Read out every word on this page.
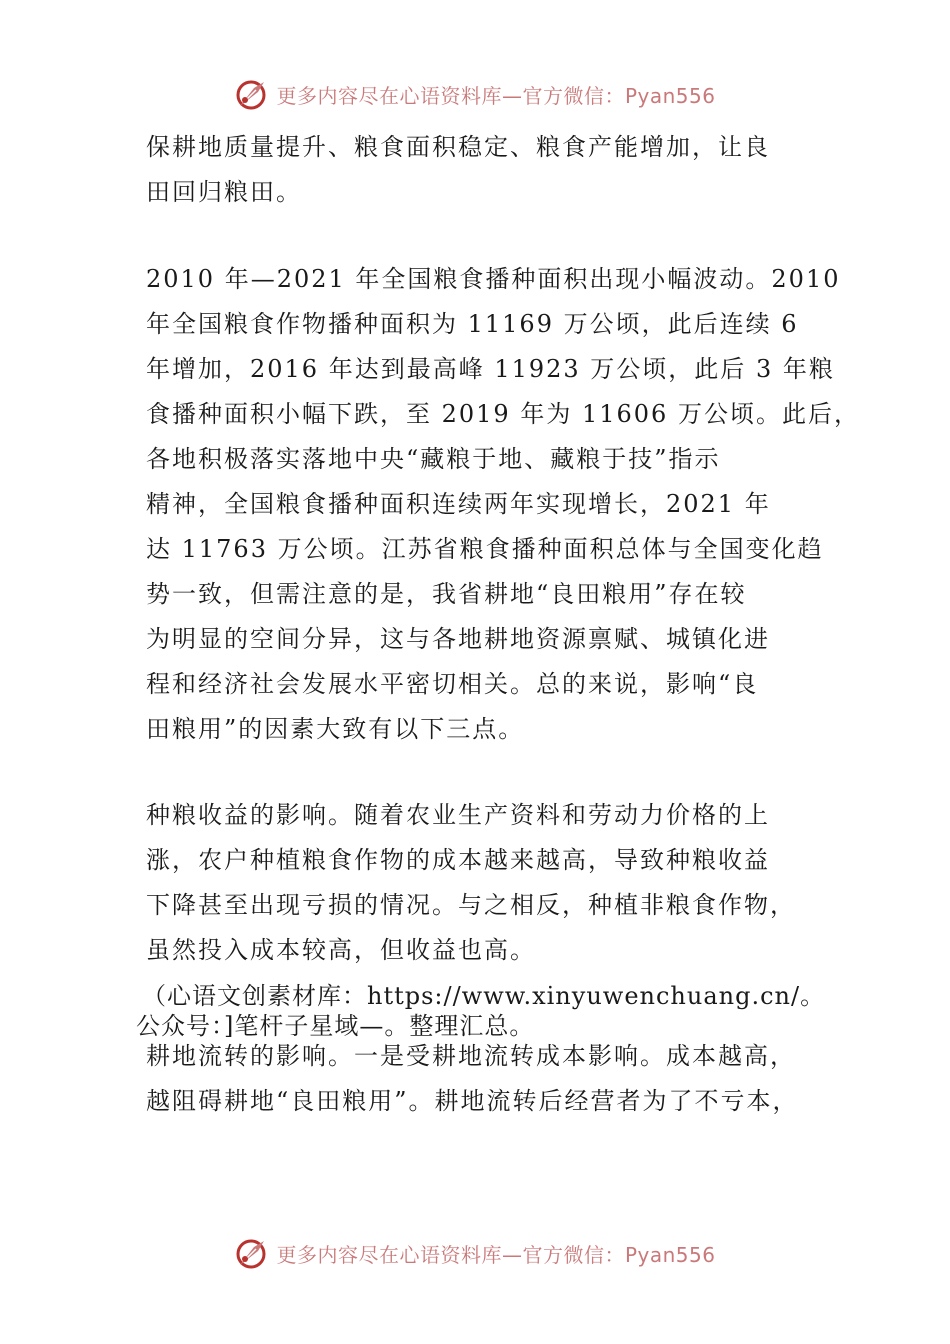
更多内容尽在心语资料库—官方微信：Pyan556
保耕地质量提升、粮食面积稳定、粮食产能增加，让良
田回归粮田。
2010 年—2021 年全国粮食播种面积出现小幅波动。2010
年全国粮食作物播种面积为 11169 万公顷，此后连续 6
年增加，2016 年达到最高峰 11923 万公顷，此后 3 年粮
食播种面积小幅下跌，至 2019 年为 11606 万公顷。此后，
各地积极落实落地中央“藏粮于地、藏粮于技”指示
精神，全国粮食播种面积连续两年实现增长，2021 年
达 11763 万公顷。江苏省粮食播种面积总体与全国变化趋
势一致，但需注意的是，我省耕地“良田粮用”存在较
为明显的空间分异，这与各地耕地资源禀赋、城镇化进
程和经济社会发展水平密切相关。总的来说，影响“良
田粮用”的因素大致有以下三点。
种粮收益的影响。随着农业生产资料和劳动力价格的上
涨，农户种植粮食作物的成本越来越高，导致种粮收益
下降甚至出现亏损的情况。与之相反，种植非粮食作物，
虽然投入成本较高，但收益也高。
（心语文创素材库：https://www.xinyuwenchuang.cn/。
公众号：]笔杆子星域—。整理汇总。
耕地流转的影响。一是受耕地流转成本影响。成本越高，
越阻碍耕地“良田粮用”。耕地流转后经营者为了不亏本，
更多内容尽在心语资料库—官方微信：Pyan556
